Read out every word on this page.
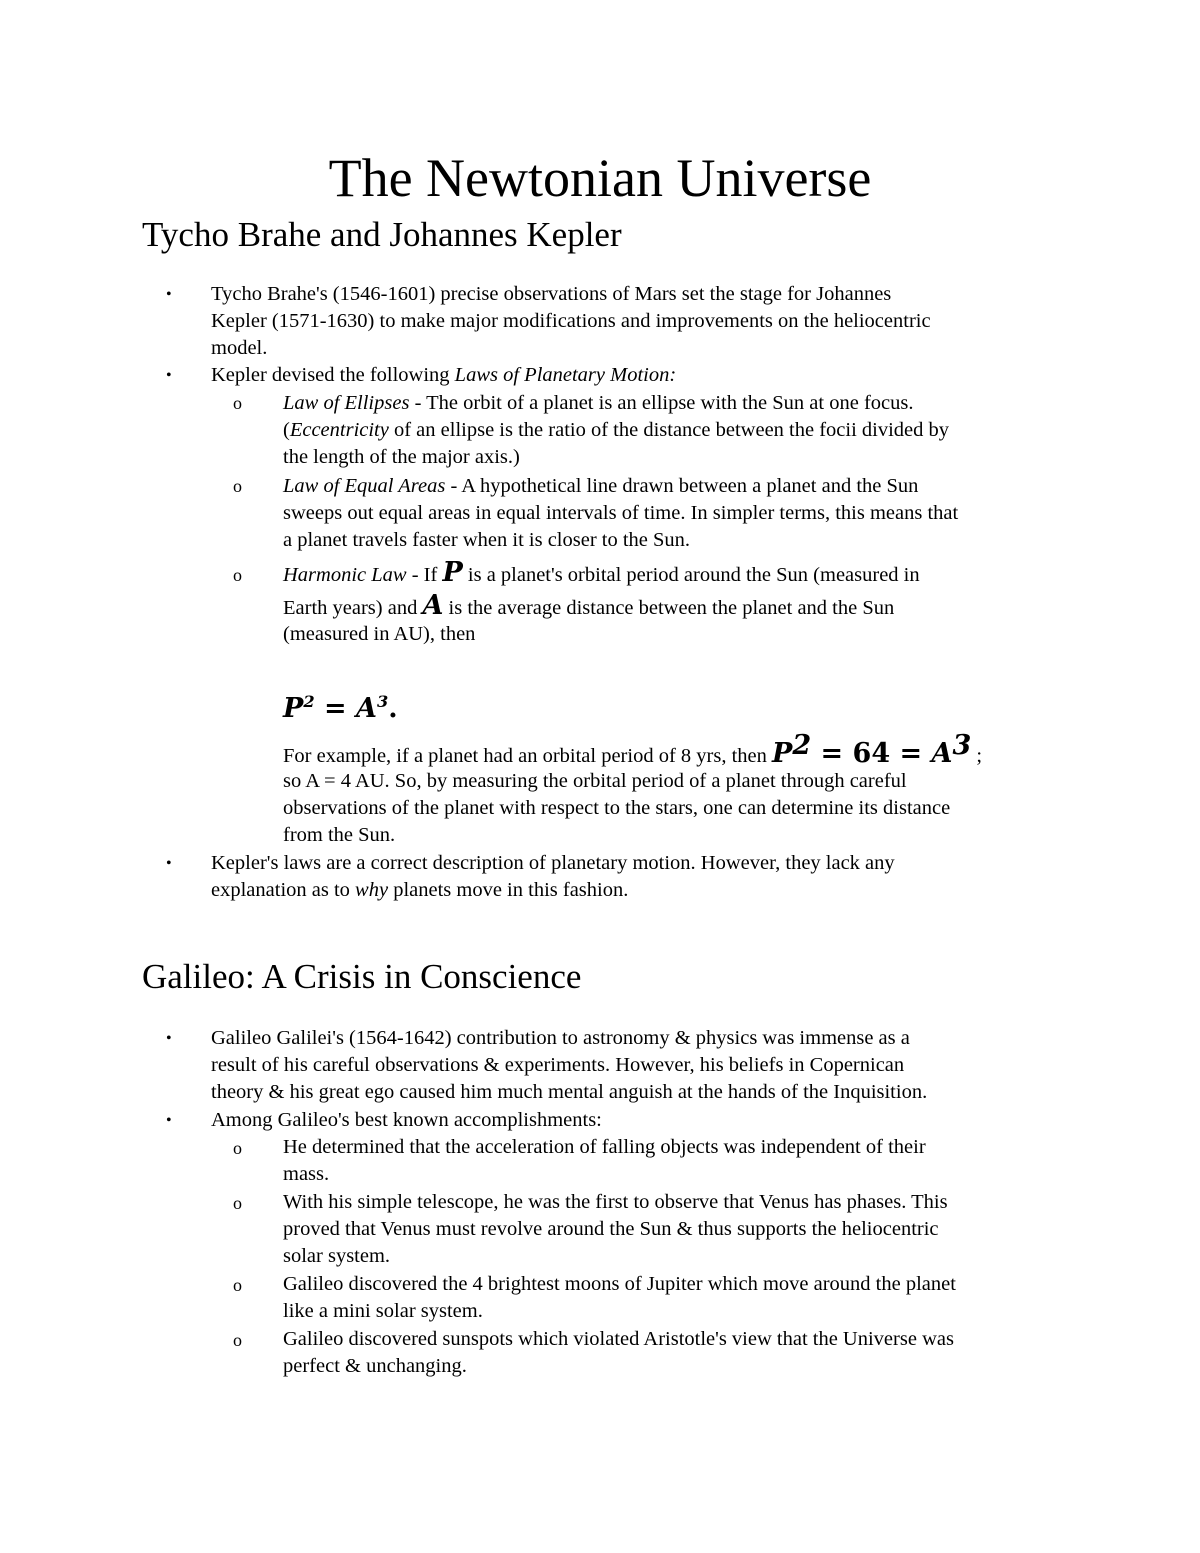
The Newtonian Universe
Tycho Brahe and Johannes Kepler
• Tycho Brahe's (1546-1601) precise observations of Mars set the stage for Johannes
Kepler (1571-1630) to make major modifications and improvements on the heliocentric
model.
• Kepler devised the following Laws of Planetary Motion:
o Law of Ellipses - The orbit of a planet is an ellipse with the Sun at one focus.
(Eccentricity of an ellipse is the ratio of the distance between the focii divided by
the length of the major axis.)
o Law of Equal Areas - A hypothetical line drawn between a planet and the Sun
sweeps out equal areas in equal intervals of time. In simpler terms, this means that
a planet travels faster when it is closer to the Sun.
o Harmonic Law - If P is a planet's orbital period around the Sun (measured in
Earth years) and A is the average distance between the planet and the Sun
(measured in AU), then
$P^2 = A^3$.
For example, if a planet had an orbital period of 8 yrs, then $P^2 = 64 = A^3$ ;
so A = 4 AU. So, by measuring the orbital period of a planet through careful
observations of the planet with respect to the stars, one can determine its distance
from the Sun.
• Kepler's laws are a correct description of planetary motion. However, they lack any
explanation as to why planets move in this fashion.
Galileo: A Crisis in Conscience
• Galileo Galilei's (1564-1642) contribution to astronomy & physics was immense as a
result of his careful observations & experiments. However, his beliefs in Copernican
theory & his great ego caused him much mental anguish at the hands of the Inquisition.
• Among Galileo's best known accomplishments:
o He determined that the acceleration of falling objects was independent of their
mass.
o With his simple telescope, he was the first to observe that Venus has phases. This
proved that Venus must revolve around the Sun & thus supports the heliocentric
solar system.
o Galileo discovered the 4 brightest moons of Jupiter which move around the planet
like a mini solar system.
o Galileo discovered sunspots which violated Aristotle's view that the Universe was
perfect & unchanging.
